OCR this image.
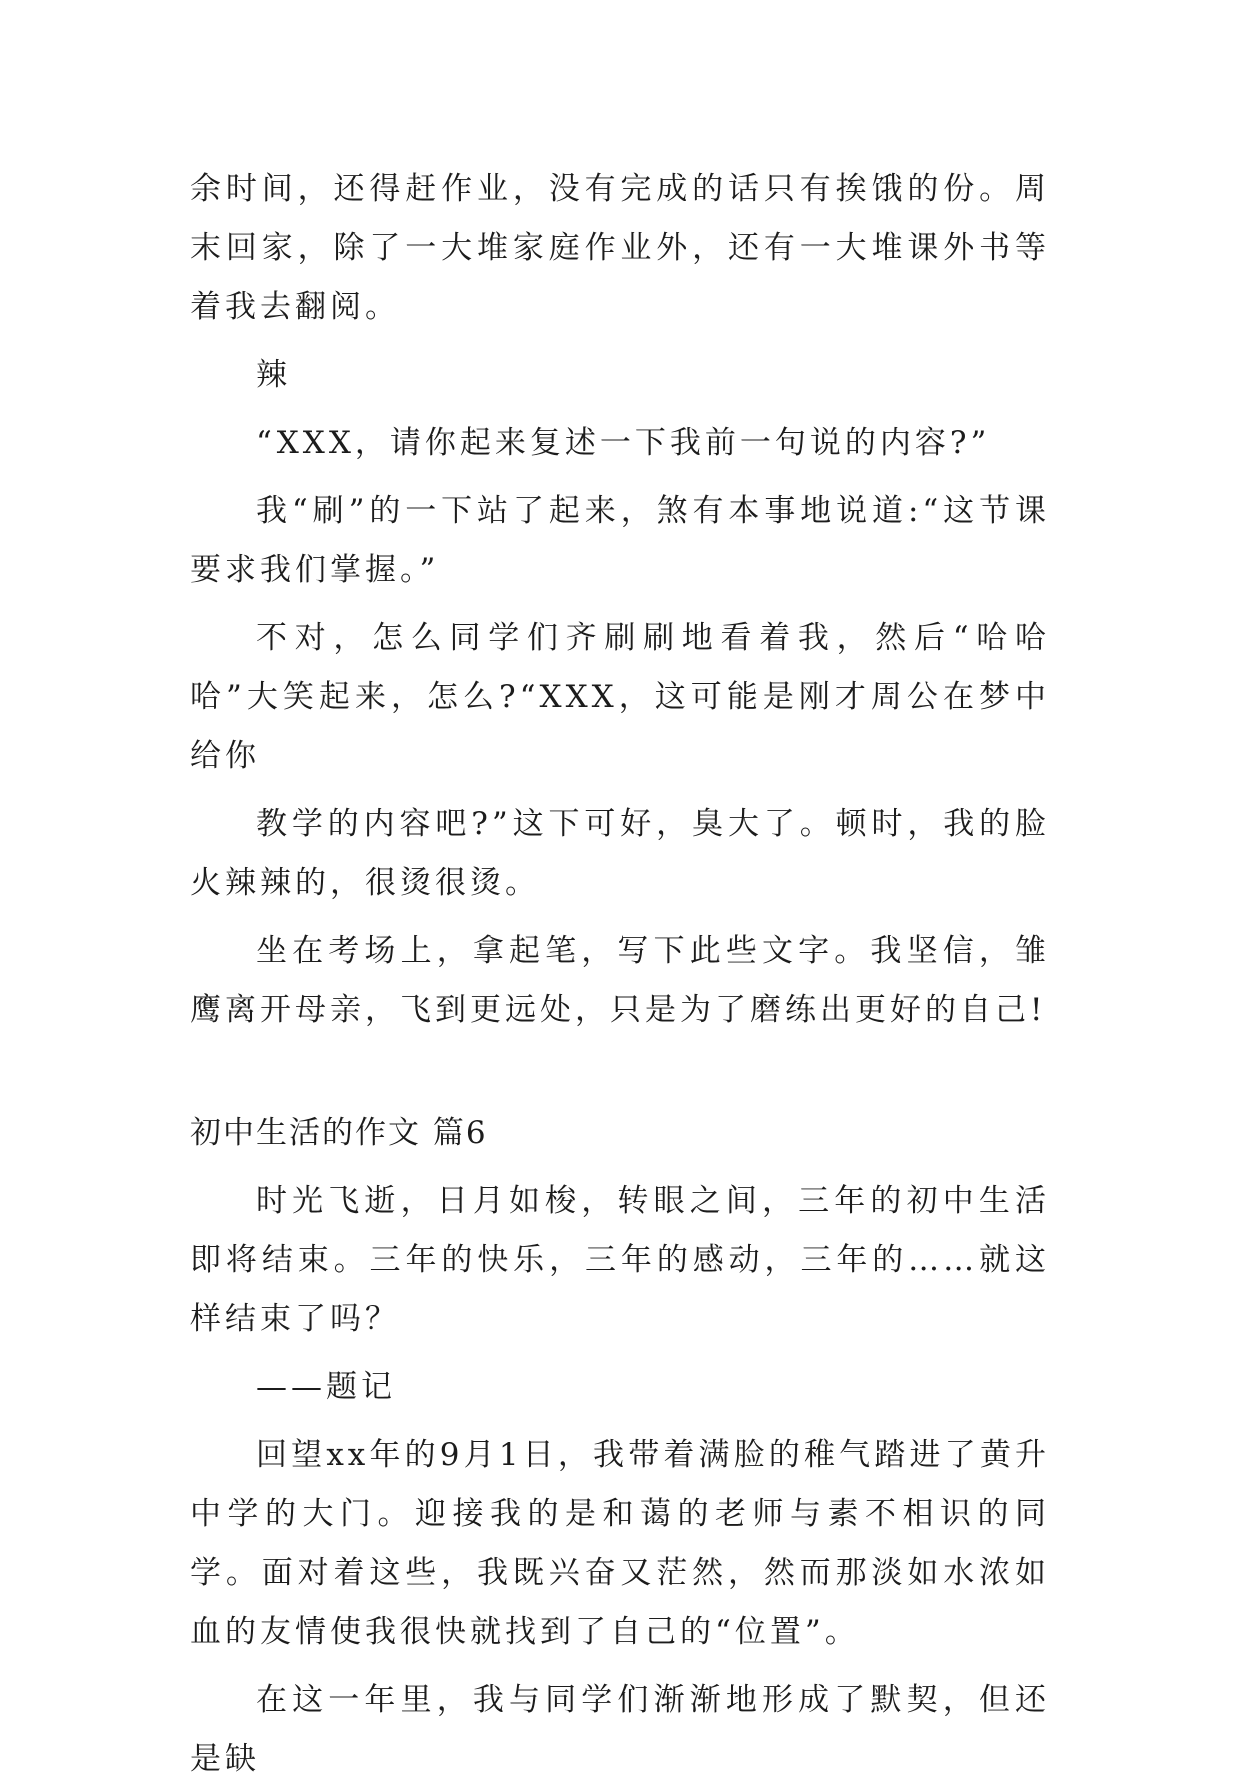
余时间，还得赶作业，没有完成的话只有挨饿的份。周末回家，除了一大堆家庭作业外，还有一大堆课外书等着我去翻阅。

辣

“XXX，请你起来复述一下我前一句说的内容?”

我“刷”的一下站了起来，煞有本事地说道:“这节课要求我们掌握。”

不对，怎么同学们齐刷刷地看着我，然后“哈哈哈”大笑起来，怎么?“XXX，这可能是刚才周公在梦中给你

教学的内容吧?”这下可好，臭大了。顿时，我的脸火辣辣的，很烫很烫。

坐在考场上，拿起笔，写下此些文字。我坚信，雏鹰离开母亲，飞到更远处，只是为了磨练出更好的自己!

初中生活的作文 篇6

时光飞逝，日月如梭，转眼之间，三年的初中生活即将结束。三年的快乐，三年的感动，三年的……就这样结束了吗？

——题记

回望xx年的9月1日，我带着满脸的稚气踏进了黄升中学的大门。迎接我的是和蔼的老师与素不相识的同学。面对着这些，我既兴奋又茫然，然而那淡如水浓如血的友情使我很快就找到了自己的“位置”。

在这一年里，我与同学们渐渐地形成了默契，但还是缺
